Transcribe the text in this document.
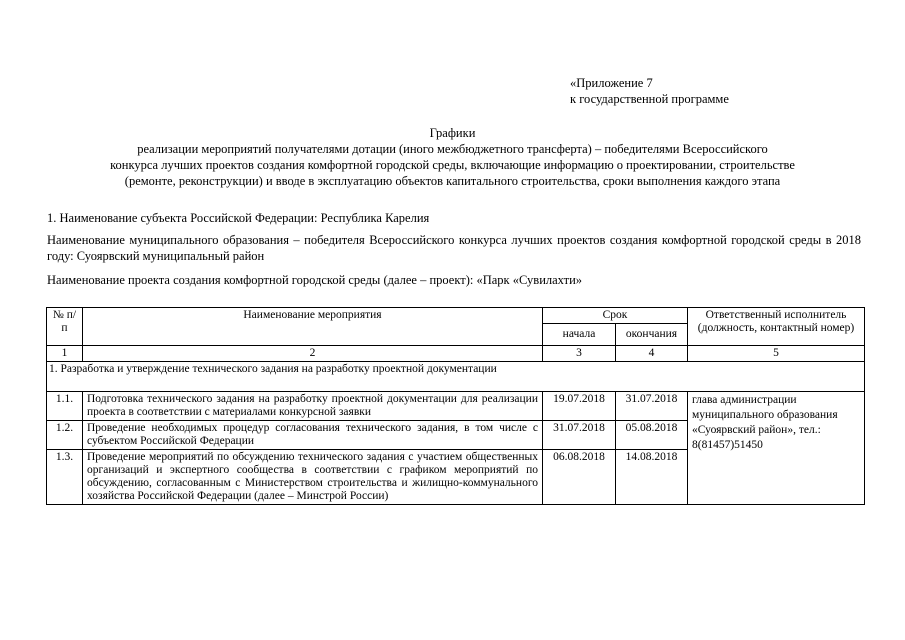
«Приложение 7
к государственной программе
Графики
реализации мероприятий получателями дотации (иного межбюджетного трансферта) – победителями Всероссийского
конкурса лучших проектов создания комфортной городской среды, включающие информацию о проектировании, строительстве
(ремонте, реконструкции) и вводе в эксплуатацию объектов капитального строительства, сроки выполнения каждого этапа
1. Наименование субъекта Российской Федерации: Республика Карелия
Наименование муниципального образования – победителя Всероссийского конкурса лучших проектов создания комфортной городской среды в 2018 году: Суоярвский муниципальный район
Наименование проекта создания комфортной городской среды (далее – проект): «Парк «Сувилахти»
№ п/п	Наименование мероприятия	Срок		Ответственный исполнитель (должность, контактный номер)
		начала	окончания	
1	2	3	4	5
1. Разработка и утверждение технического задания на разработку проектной документации				
1.1.	Подготовка технического задания на разработку проектной документации для реализации проекта в соответствии с материалами конкурсной заявки	19.07.2018	31.07.2018	глава администрации муниципального образования «Суоярвский район», тел.: 8(81457)51450
1.2.	Проведение необходимых процедур согласования технического задания, в том числе с субъектом Российской Федерации	31.07.2018	05.08.2018	
1.3.	Проведение мероприятий по обсуждению технического задания с участием общественных организаций и экспертного сообщества в соответствии с графиком мероприятий по обсуждению, согласованным с Министерством строительства и жилищно-коммунального хозяйства Российской Федерации (далее – Минстрой России)	06.08.2018	14.08.2018	
